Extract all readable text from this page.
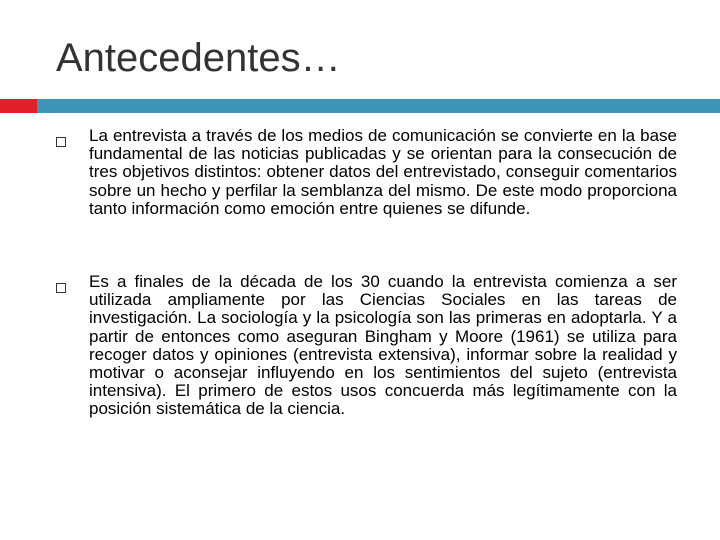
Antecedentes…

La entrevista a través de los medios de comunicación se convierte en la base fundamental de las noticias publicadas y se orientan para la consecución de tres objetivos distintos: obtener datos del entrevistado, conseguir comentarios sobre un hecho y perfilar la semblanza del mismo. De este modo proporciona tanto información como emoción entre quienes se difunde.

Es a finales de la década de los 30 cuando la entrevista comienza a ser utilizada ampliamente por las Ciencias Sociales en las tareas de investigación. La sociología y la psicología son las primeras en adoptarla. Y a partir de entonces como aseguran Bingham y Moore (1961) se utiliza para recoger datos y opiniones (entrevista extensiva), informar sobre la realidad y motivar o aconsejar influyendo en los sentimientos del sujeto (entrevista intensiva). El primero de estos usos concuerda más legítimamente con la posición sistemática de la ciencia.
